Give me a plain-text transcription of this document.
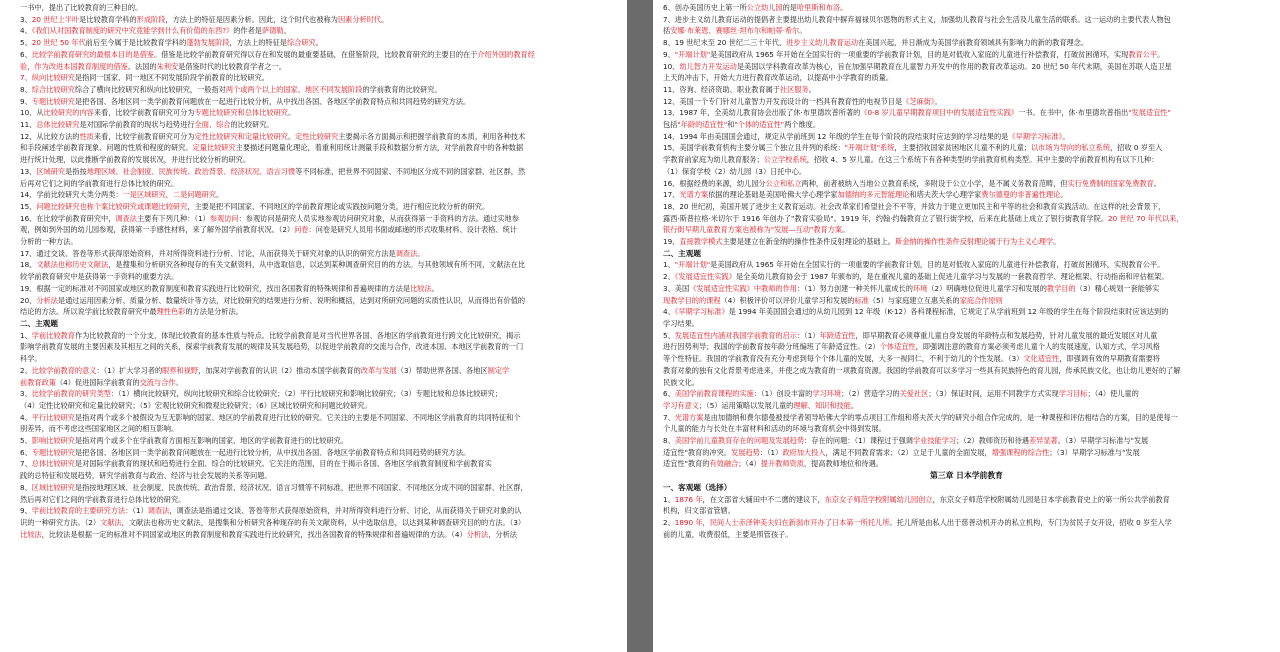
一书中，提出了比较教育的三种目的。
3、20 世纪上半叶是比较教育学科的形成阶段，方法上的特征是因素分析。因此，这个时代也被称为因素分析时代。
4、《我们从对国教育制度的研究中究竟能学到什么有价值的东西?》的作者是萨德勒。
5、20 世纪 50 年代前后至今属于是比较教育学科的蓬勃发展阶段，方法上的特征是综合研究。
6、比较学前教育研究的最根本目的是借鉴。借鉴是比较学前教育研究得以存在和发展的最重要基础，在借鉴阶段，比较教育研究的主要目的在于介绍外国的教育经
验，作为改进本国教育制度的借鉴。法国的朱利安是借鉴时代的比较教育学者之一。
7、纵向比较研究是指同一国家、同一地区不同发展阶段学前教育的比较研究。
8、综合比较研究综合了横向比较研究和纵向比较研究，一般指对两个或两个以上的国家、地区不同发展阶段的学前教育的比较研究。
9、专题比较研究是把各国、各地区同一类学前教育问题放在一起进行比较分析，从中找出各国、各地区学前教育特点和共同趋势的研究方法。
10、从比较研究的内容来看，比较学前教育研究可分为专题比较研究和总体比较研究。
11、总体比较研究是对国际学前教育的现状与趋势进行全面、综合的比较研究。
12、从比较方法的性质来看，比较学前教育研究可分为定性比较研究和定量比较研究。定性比较研究主要揭示各方面揭示和把握学前教育的本质，利用各种技术
和手段阐述学前教育现象、问题的性质和程度的研究。定量比较研究主要描述问题量化理论，着重利用统计测量手段和数据分析方法，对学前教育中的各种数据
进行统计处理，以此推断学前教育的发展状况，并进行比较分析的研究。
13、区域研究是指按地理区域、社会制度、民族传统、政治背景、经济状况、语言习惯等不同标准，把世界不同国家、不同地区分成不同的国家群、社区群，然
后再对它们之间的学前教育进行总体比较的研究。
14、学前比较研究大类分两类：一是区域研究，二是问题研究。
15、问题比较研究也称个案比较研究或课题比较研究，主要是把不同国家、不同地区的学前教育理论或实践按问题分类，进行相应比较分析的研究。
16、在比较学前教育研究中，调查法主要有下列几种：（1）参观访问：参观访问是研究人员实地参观访问研究对象，从而获得第一手资料的方法。通过实地参
观，例如到外国的幼儿园参观，获得第一手感性材料，来了解外国学前教育状况。（2）问卷：问卷是研究人员用书面或邮递的形式收集材料、设计表格、统计
分析的一种方法。
17、通过交谈、答卷等形式获得原始资料，并对所得资料进行分析、讨论，从而获得关于研究对象的认识的研究方法是调查法。
18、文献法也称历史文献法，是搜集和分析研究各种现存的有关文献资料，从中选取信息，以达到某种调查研究目的的方法。与其他领域有所不同，文献法在比
较学前教育研究中是获得第一手资料的重要方法。
19、根据一定的标准对不同国家或地区的教育制度和教育实践进行比较研究，找出各国教育的特殊规律和普遍规律的方法是比较法。
20、分析法是通过运用因素分析、质量分析、数量统计等方法，对比较研究的结果进行分析、说明和概括，达到对所研究问题的实质性认识，从而得出有价值的
结论的方法。所以说学前比较教育研究中最理性色彩的方法是分析法。
二、主观题
1、学前比较教育作为比较教育的一个分支，体现比较教育的基本性质与特点。比较学前教育是对当代世界各国、各地区的学前教育进行跨文化比较研究，揭示
影响学前教育发展的主要因素及其相互之间的关系，探索学前教育发展的规律及其发展趋势，以促进学前教育的交流与合作，改进本国、本地区学前教育的一门
科学。
2、比较学前教育的意义：（1）扩大学习者的眼界和视野，加深对学前教育的认识（2）推动本国学前教育的改革与发展（3）帮助世界各国、各地区制定学
前教育政策（4）促进国际学前教育的交流与合作。
3、比较学前教育的研究类型：（1）横向比较研究，纵向比较研究和综合比较研究；（2）平行比较研究和影响比较研究；（3）专题比较和总体比较研究；
（4）定性比较研究和定量比较研究；（5）宏观比较研究和微观比较研究；（6）区域比较研究和问题比较研究。
4、平行比较研究是指对两个或多个被假设为互无影响的国家、地区的学前教育进行比较的研究。它关注的主要是不同国家、不同地区学前教育的共同特征和个
别差异，而不考虑这些国家地区之间的相互影响。
5、影响比较研究是指对两个或多个在学前教育方面相互影响的国家、地区的学前教育进行的比较研究。
6、专题比较研究是把各国、各地区同一类学前教育问题放在一起进行比较分析，从中找出各国、各地区学前教育特点和共同趋势的研究方法。
7、总体比较研究是对国际学前教育的现状和趋势进行全面、综合的比较研究。它关注的范围，目的在于揭示各国、各地区学前教育制度和学前教育实
践的总特征和发展趋势，研究学前教育与政治、经济与社会发展的关系等问题。
8、区域比较研究是指按地理区域、社会制度、民族传统、政治背景、经济状况、语言习惯等不同标准，把世界不同国家、不同地区分成不同的国家群、社区群，
然后再对它们之间的学前教育进行总体比较的研究。
9、学前比较教育的主要研究方法：（1）调查法，调查法是指通过交谈、答卷等形式获得原始资料，并对所得资料进行分析、讨论，从而获得关于研究对象的认
识的一种研究方法。（2）文献法，文献法也称历史文献法，是搜集和分析研究各种现存的有关文献资料，从中选取信息，以达到某种调查研究目的的方法。（3）
比较法，比较法是根据一定的标准对不同国家或地区的教育制度和教育实践进行比较研究，找出各国教育的特殊规律和普遍规律的方法。（4）分析法，分析法
6、创办美国历史上第一所公立幼儿园的是哈里斯和布洛。
7、进步主义幼儿教育运动的提倡者主要提出幼儿教育中摒弃福禄贝尔恩物的形式主义，加强幼儿教育与社会生活及儿童生活的联系。这一运动的主要代表人物包
括安娜·布莱恩、赛娜丝·坦布尔和帕蒂·希尔。
8、19 世纪末至 20 世纪二三十年代，进步主义幼儿教育运动在美国兴起，并日渐成为美国学前教育领域具有影响力的新的教育理念。
9、"开端计划"是美国政府从 1965 年开始在全国实行的一项重要的学前教育计划，目的是对低收入家庭的儿童进行补偿教育，打破贫困循环，实现教育公平。
10、幼儿智力开发运动是美国以学科教育改革为核心，旨在加强早期教育在儿童智力开发中的作用的教育改革运动。20 世纪 50 年代末期，美国在苏联人造卫星
上天的冲击下，开始大力进行教育改革运动，以提高中小学教育的质量。
11、咨询、经济资助、职业教育属于社区服务。
12、美国一个专门针对儿童智力开发而设计的一档具有教育性的电视节目是《芝麻街》。
13、1987 年，全美幼儿教育协会出版了休·布里德坎普所著的《0-8 岁儿童早期教育项目中的发展适宜性实践》一书。在书中，休·布里德坎普指出"发展适宜性"
包括"年龄的适宜性"和"个体的适宜性"两个维度。
14、1994 年由美国国会通过，规定从学前班到 12 年级的学生在每个阶段的段结束时应达到的学习结果的是《早期学习标准》。
15、美国学前教育机构主要分属三个独立且并列的系统："开端计划"系统，主要招收国家贫困地区儿童不利的儿童；以市场为导向的私立系统，招收 0 岁至入
学教育前家庭为幼儿教育服务；公立学校系统，招收 4、5 岁儿童。在这三个系统下有各种类型的学前教育机构类型。其中主要的学前教育机构有以下几种：
（1）保育学校（2）幼儿园（3）日托中心。
16、根据经费的来源，幼儿园分公立和私立两种，前者被纳入当地公立教育系统，多附设于公立小学，是不属义务教育范畴，但实行免费制的国家免费教育。
17、光谱方案依据的理论基础是美国哈佛大学心理学家加德纳的多元智能理论和塔夫茨大学心理学家费尔德曼的非普遍性理论。
18、20 世纪初，美国开展了进步主义教育运动。社会改革家们希望社会不平等，并致力于建立更加民主和平等的社会和教育实践活动。在这样的社会背景下，
露西·斯普拉格·米切尔于 1916 年创办了"教育实验局"。1919 年，约翰·约翰教育立了银行街学校，后来在此基础上成立了银行街教育学院。20 世纪 70 年代以来，
银行街早期儿童教育方案也被称为"发展—互动"教育方案。
19、直接教学模式主要是建立在新金纳的操作性条件反射理论的基础上。斯金纳的操作性条件反射理论属于行为主义心理学。
二、主观题
1、"开端计划"是美国政府从 1965 年开始在全国实行的一项重要的学前教育计划，目的是对低收入家庭的儿童进行补偿教育，打破贫困循环，实现教育公平。
2、《发展适宜性实践》是全美幼儿教育协会于 1987 年颁布的，是在重视儿童的基础上促进儿童学习与发展的一套教育哲学、理论框架、行动指南和评估框架。
3、美国《发展适宜性实践》中教师的作用：（1）努力创建一种关怀儿童成长的环境（2）明确地位促进儿童学习和发展的教学目的（3）精心规划一套能够实
现教学目的的课程（4）积极评价可以评价儿童学习和发展的标准（5）与家庭建立互惠关系的家庭合作原则
4、《早期学习标准》是 1994 年美国国会通过的从幼儿园到 12 年级（K-12）各科课程标准，它规定了从学前班到 12 年级的学生在每个阶段结束时应该达到的
学习结果。
5、发展适宜性内涵对我国学前教育的启示：（1）年龄适宜性，即早期教育必须尊重儿童自身发展的年龄特点和发展趋势，针对儿童发展的最近发展区对儿童
进行因势利导；我国的学前教育按年龄分班编班了年龄适宜性。（2）个体适宜性，即强调注意的教育方案必须考虑儿童个人的发展速度，认知方式，学习风格
等个性特征。我国的学前教育没有充分考虑到每个个体儿童的发展，大多一视同仁，不利于幼儿的个性发展。（3）文化适宜性，即强调有效的早期教育需要将
教育对象的独有文化背景考虑进来，并使之成为教育的一项教育资源。我国的学前教育可以多学习一些具有民族特色的育儿园，传承民族文化，也让幼儿更好的了解
民族文化。
6、美国学前教育课程的实施：（1）创设丰富的学习环境；（2）营造学习的关爱社区；（3）保证时间，运用不同教学方式实现学习目标；（4）使儿童的
学习有意义；（5）运用策略以发展儿童的理解、知识和技能。
7、光谱方案是由加德纳和费尔德曼被授学者领导哈佛大学的零点项目工作组和塔夫茨大学的研究小组合作完成的，是一种课程和评估相结合的方案，目的是使每一
个儿童的能力与长处在丰富材料和活动的环境与教育机会中得到发展。
8、美国学前儿童教育存在的问题及发展趋势：存在的问题：（1）课程过于强调学业技能学习；（2）教师资历和待遇差异显著。（3）早期学习标准与"发展
适宜性"教育的冲突。发展趋势：（1）政府加大投入，满足不同教育需求；（2）立足于儿童的全面发展，增强课程的综合性；（3）早期学习标准与"发展
适宜性"教育的有效融合；（4）提升教师资质，提高教师地位和待遇。
第三章 日本学前教育
一、客观题（选择）
1、1876 年，在文部省大辅田中不二麿的建议下，东京女子师范学校附属幼儿园创立，东京女子师范学校附属幼儿园是日本学前教育史上的第一所公共学前教育
机构，归文部省管辖。
2、1890 年，民间人士赤泽钟美夫妇在新潟市开办了日本第一所托儿所。托儿所是由私人出于慈善动机开办的私立机构，专门为贫民子女开设，招收 0 岁至入学
前的儿童，收费很低，主要是照管孩子。
